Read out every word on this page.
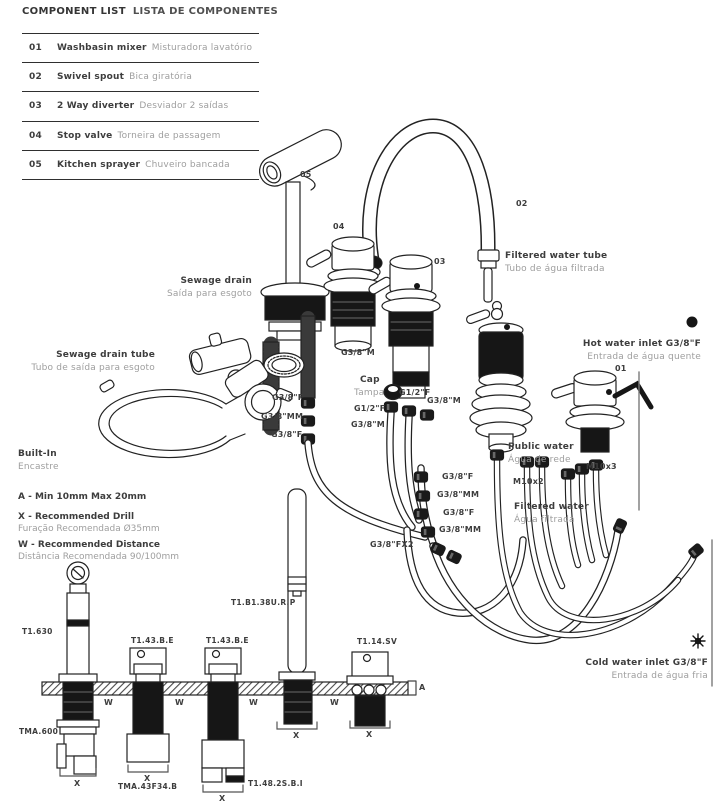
COMPONENT LIST LISTA DE COMPONENTES
01 Washbasin mixer Misturadora lavatório
02 Swivel spout Bica giratória
03 2 Way diverter Desviador 2 saídas
04 Stop valve Torneira de passagem
05 Kitchen sprayer Chuveiro bancada
05
04
02
03
01
Sewage drain
Saída para esgoto
Sewage drain tube
Tubo de saída para esgoto
Filtered water tube
Tubo de água filtrada
Hot water inlet G3/8"F
Entrada de água quente
Public water
Água de rede
Filtered water
Água filtrada
Cold water inlet G3/8"F
Entrada de água fria
Built-In
Encastre
Cap
Tampa
G3/8"M
G3/8"F
G3/8"MM
G3/8"F
G1/2"F
G3/8"M
G1/2"F
G3/8"M
G3/8"F
G3/8"MM
G3/8"F
G3/8"MM
G3/8"FX2
M10x2
M10x3
A - Min 10mm Max 20mm
X - Recommended Drill
Furação Recomendada Ø35mm
W - Recommended Distance
Distância Recomendada 90/100mm
T1.630
T1.43.B.E	T1.43.B.E
T1.B1.38U.R.P
T1.14.SV
TMA.600
TMA.43F34.B	T1.48.2S.B.I
A
W	W	W	W
X
X
X
X	X
